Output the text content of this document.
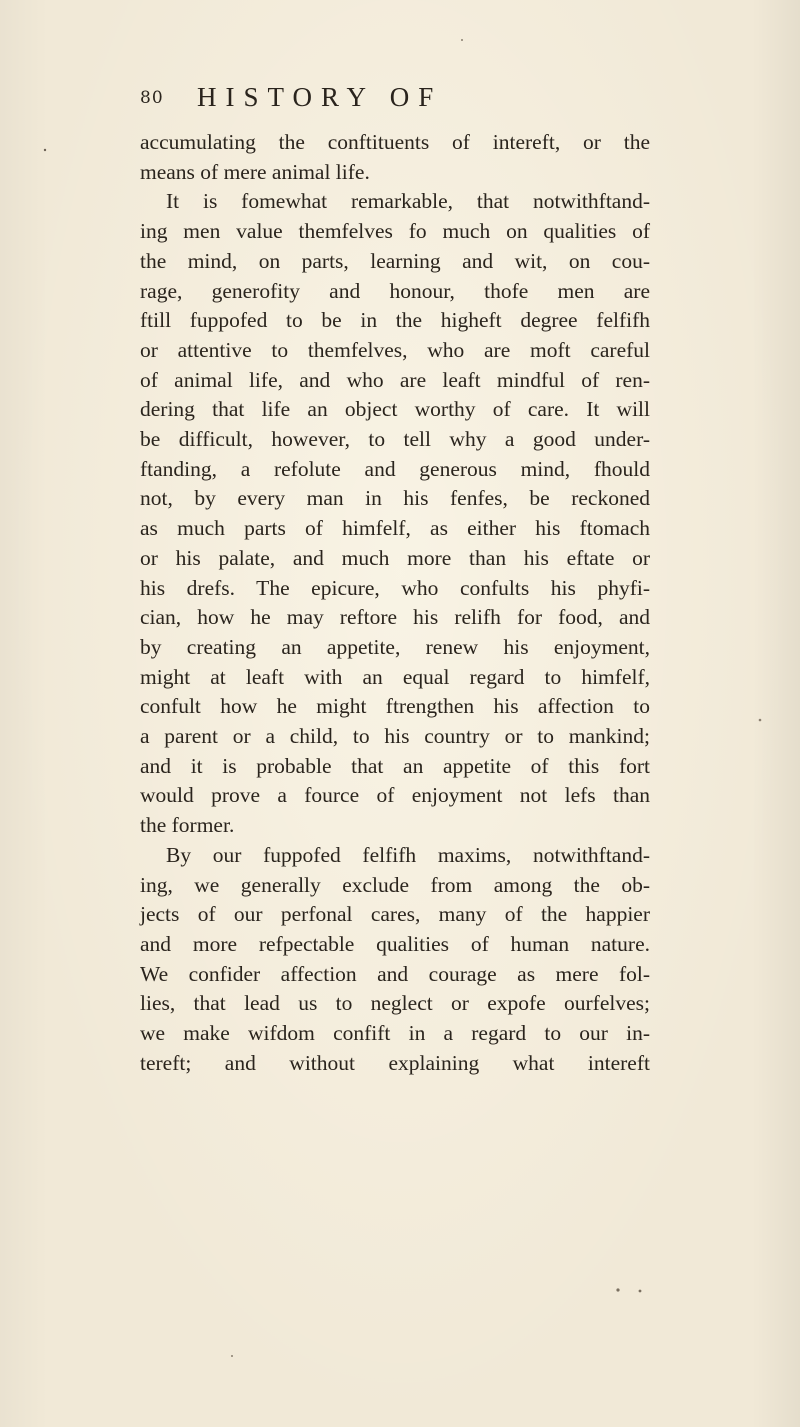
80 HISTORY OF
accumulating the conftituents of intereft, or the
means of mere animal life.
It is fomewhat remarkable, that notwithftand-
ing men value themfelves fo much on qualities of
the mind, on parts, learning and wit, on cou-
rage, generofity and honour, thofe men are
ftill fuppofed to be in the higheft degree felfifh
or attentive to themfelves, who are moft careful
of animal life, and who are leaft mindful of ren-
dering that life an object worthy of care. It will
be difficult, however, to tell why a good under-
ftanding, a refolute and generous mind, fhould
not, by every man in his fenfes, be reckoned
as much parts of himfelf, as either his ftomach
or his palate, and much more than his eftate or
his drefs. The epicure, who confults his phyfi-
cian, how he may reftore his relifh for food, and
by creating an appetite, renew his enjoyment,
might at leaft with an equal regard to himfelf,
confult how he might ftrengthen his affection to
a parent or a child, to his country or to mankind;
and it is probable that an appetite of this fort
would prove a fource of enjoyment not lefs than
the former.
By our fuppofed felfifh maxims, notwithftand-
ing, we generally exclude from among the ob-
jects of our perfonal cares, many of the happier
and more refpectable qualities of human nature.
We confider affection and courage as mere fol-
lies, that lead us to neglect or expofe ourfelves;
we make wifdom confift in a regard to our in-
tereft; and without explaining what intereft
